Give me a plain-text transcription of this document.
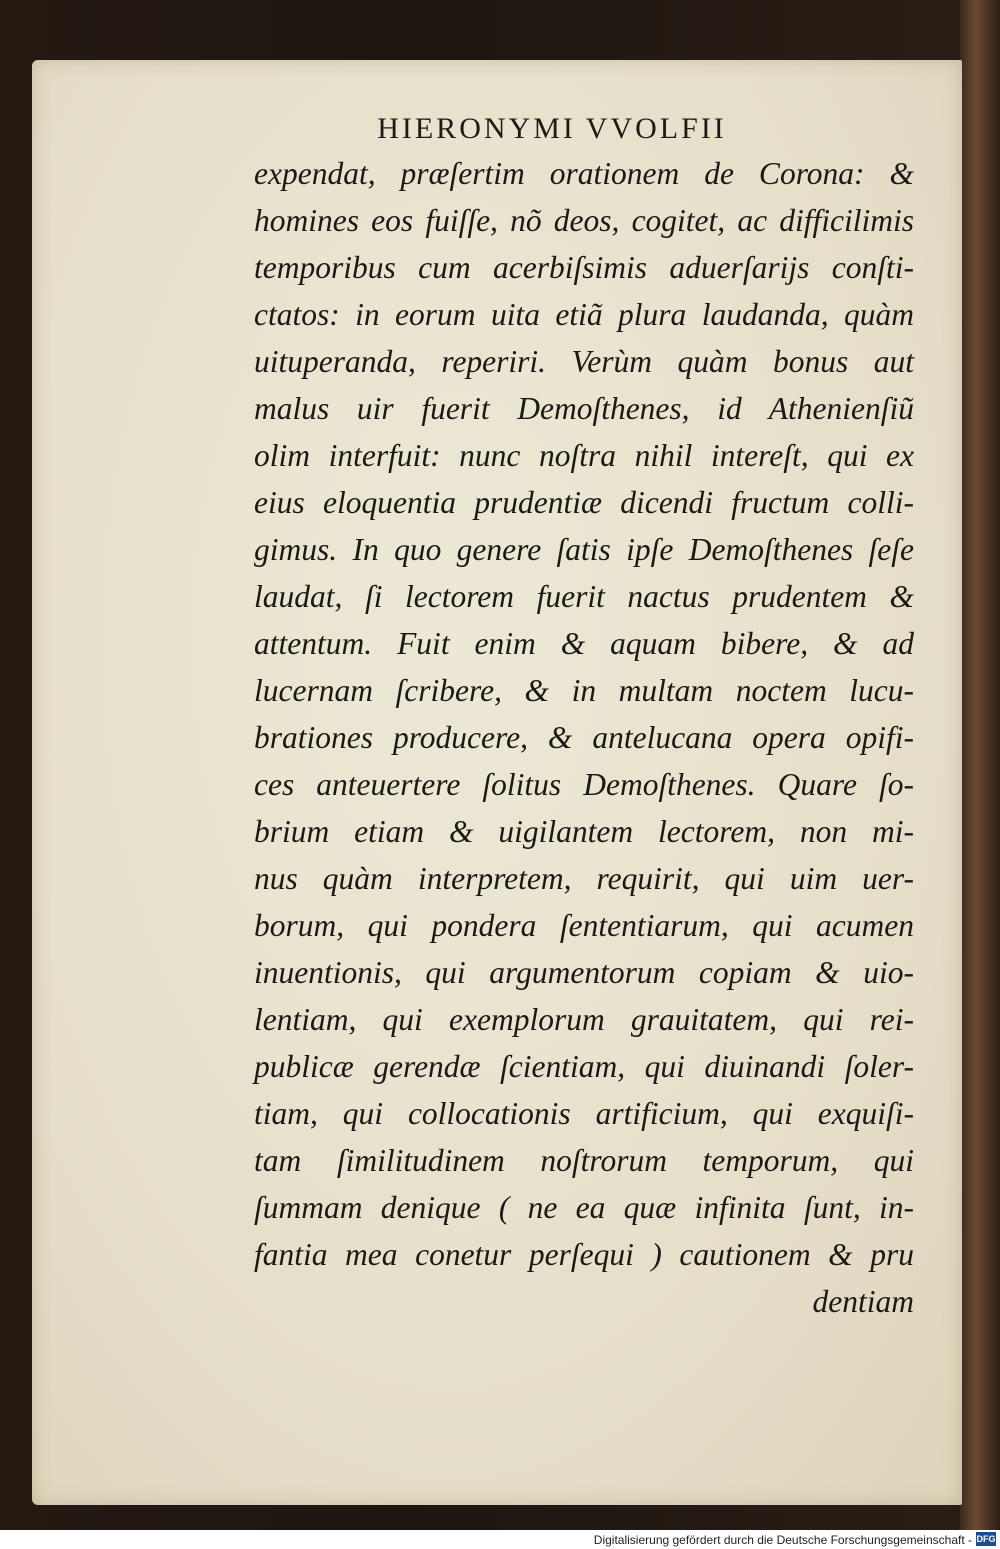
HIERONYMI VVOLFII
expendat, præſertim orationem de Corona: &
homines eos fuiſſe, nõ deos, cogitet, ac difficilimis
temporibus cum acerbiſsimis aduerſarijs conſti-
ctatos: in eorum uita etiã plura laudanda, quàm
uituperanda, reperiri. Verùm quàm bonus aut
malus uir fuerit Demoſthenes, id Athenienſiũ
olim interfuit: nunc noſtra nihil intereſt, qui ex
eius eloquentia prudentiæ dicendi fructum colli-
gimus. In quo genere ſatis ipſe Demoſthenes ſeſe
laudat, ſi lectorem fuerit nactus prudentem &
attentum. Fuit enim & aquam bibere, & ad
lucernam ſcribere, & in multam noctem lucu-
brationes producere, & antelucana opera opifi-
ces anteuertere ſolitus Demoſthenes. Quare ſo-
brium etiam & uigilantem lectorem, non mi-
nus quàm interpretem, requirit, qui uim uer-
borum, qui pondera ſententiarum, qui acumen
inuentionis, qui argumentorum copiam & uio-
lentiam, qui exemplorum grauitatem, qui rei-
publicæ gerendæ ſcientiam, qui diuinandi ſoler-
tiam, qui collocationis artificium, qui exquiſi-
tam ſimilitudinem noſtrorum temporum, qui
ſummam denique ( ne ea quæ infinita ſunt, in-
fantia mea conetur perſequi ) cautionem & pru
dentiam
Digitalisierung gefördert durch die Deutsche Forschungsgemeinschaft - DFG
